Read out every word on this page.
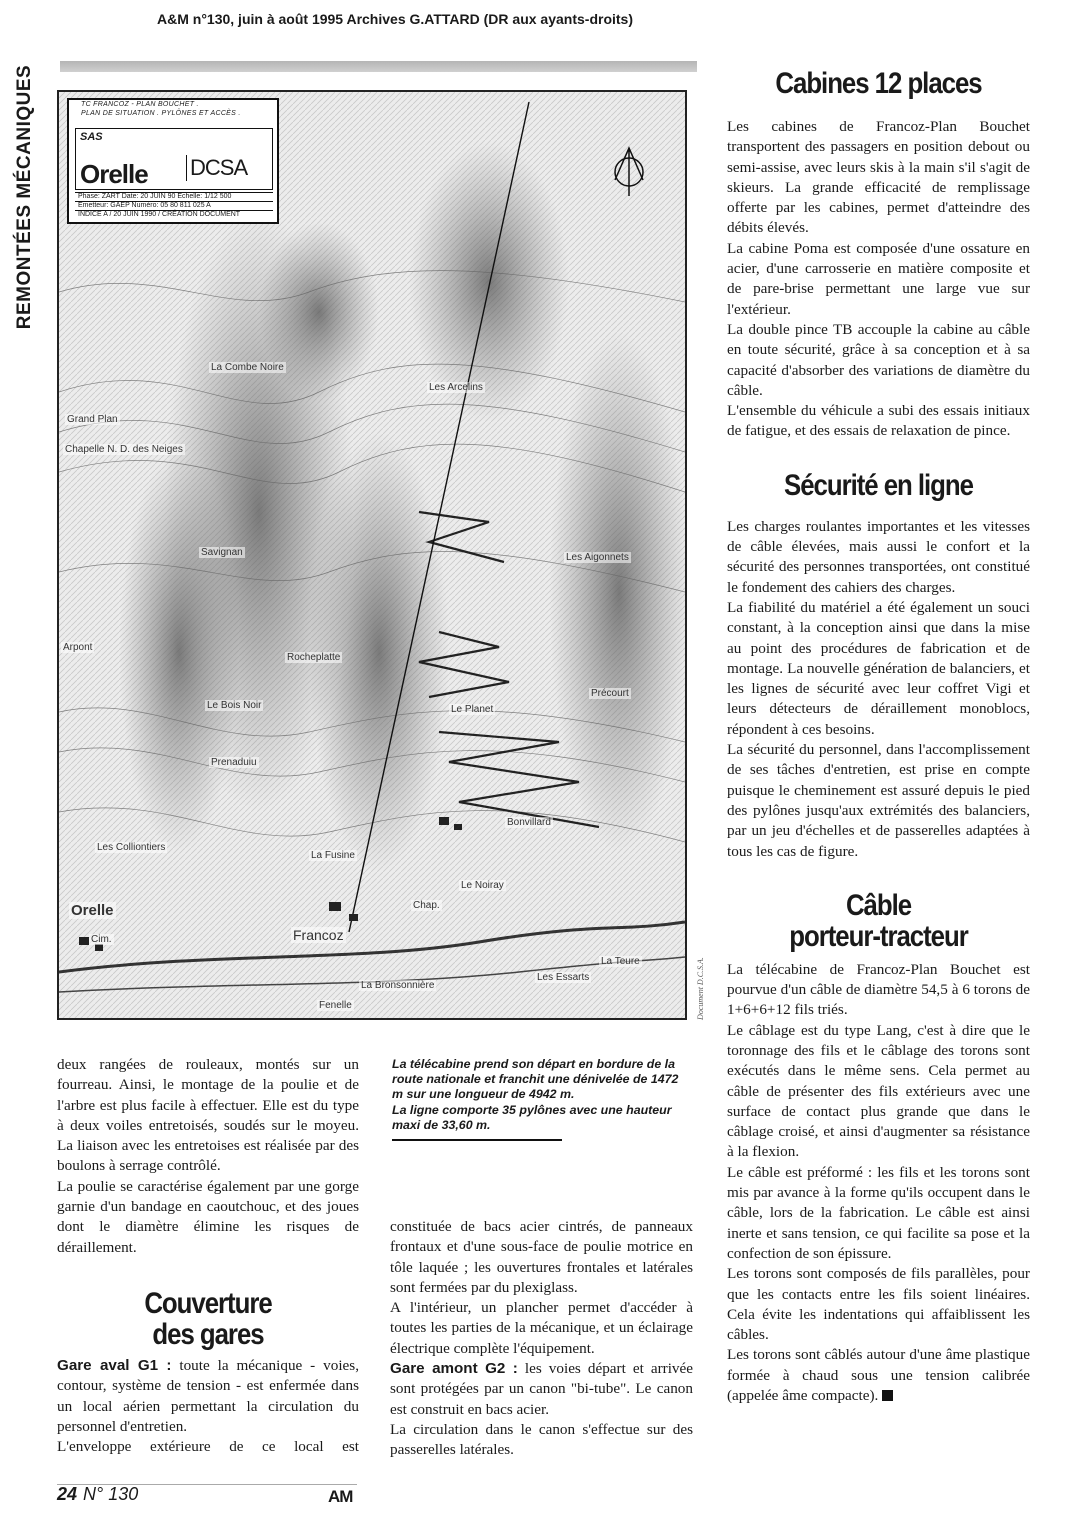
A&M n°130, juin à août 1995 Archives G.ATTARD (DR aux ayants-droits)
REMONTÉES MÉCANIQUES	TC FRANCOZ - PLAN BOUCHET .
PLAN DE SITUATION . PYLÔNES ET ACCÈS .
SAS
Orelle DCSA
Phase: ZART Date: 20 JUIN 90 Echelle: 1/12 500
Emetteur: GAEP Numéro: 05 80 811 025 A
INDICE A / 20 JUIN 1990 / CRÉATION DOCUMENT
La Combe Noire
Les Arcelins
Grand Plan
Chapelle N. D. des Neiges
Savignan	Les Aigonnets
Rocheplatte
Arpont
Le Bois Noir	Le Planet
Précourt
Bonvillard
Prenaduiu
Les Colliontiers
La Fusine
Le Noiray
Orelle
Francoz
Les Essarts
La Teure
Fenelle
La Bronsonnière
Chap.
Cim.
Document D.C.S.A.
Cabines 12 places

Les cabines de Francoz-Plan Bouchet transportent des passagers en position debout ou semi-assise, avec leurs skis à la main s'il s'agit de skieurs. La grande efficacité de remplissage offerte par les cabines, permet d'atteindre des débits élevés.

La cabine Poma est composée d'une ossature en acier, d'une carrosserie en matière composite et de pare-brise permettant une large vue sur l'extérieur.

La double pince TB accouple la cabine au câble en toute sécurité, grâce à sa conception et à sa capacité d'absorber des variations de diamètre du câble.

L'ensemble du véhicule a subi des essais initiaux de fatigue, et des essais de relaxation de pince.

Sécurité en ligne

Les charges roulantes importantes et les vitesses de câble élevées, mais aussi le confort et la sécurité des personnes transportées, ont constitué le fondement des cahiers des charges.

La fiabilité du matériel a été également un souci constant, à la conception ainsi que dans la mise au point des procédures de fabrication et de montage. La nouvelle génération de balanciers, et les lignes de sécurité avec leur coffret Vigi et leurs détecteurs de déraillement monoblocs, répondent à ces besoins.

La sécurité du personnel, dans l'accomplissement de ses tâches d'entretien, est prise en compte puisque le cheminement est assuré depuis le pied des pylônes jusqu'aux extrémités des balanciers, par un jeu d'échelles et de passerelles adaptées à tous les cas de figure.

Câble
porteur-tracteur

La télécabine de Francoz-Plan Bouchet est pourvue d'un câble de diamètre 54,5 à 6 torons de 1+6+6+12 fils triés.

Le câblage est du type Lang, c'est à dire que le toronnage des fils et le câblage des torons sont exécutés dans le même sens. Cela permet au câble de présenter des fils extérieurs avec une surface de contact plus grande que dans le câblage croisé, et ainsi d'augmenter sa résistance à la flexion.

Le câble est préformé : les fils et les torons sont mis par avance à la forme qu'ils occupent dans le câble, lors de la fabrication. Le câble est ainsi inerte et sans tension, ce qui facilite sa pose et la confection de son épissure.

Les torons sont composés de fils parallèles, pour que les contacts entre les fils soient linéaires. Cela évite les indentations qui affaiblissent les câbles.

Les torons sont câblés autour d'une âme plastique formée à chaud sous une tension calibrée (appelée âme compacte).

deux rangées de rouleaux, montés sur un fourreau. Ainsi, le montage de la poulie et de l'arbre est plus facile à effectuer. Elle est du type à deux voiles entretoisés, soudés sur le moyeu. La liaison avec les entretoises est réalisée par des boulons à serrage contrôlé.

La poulie se caractérise également par une gorge garnie d'un bandage en caoutchouc, et des joues dont le diamètre élimine les risques de déraillement.

Couverture
des gares

Gare aval G1 : toute la mécanique - voies, contour, système de tension - est enfermée dans un local aérien permettant la circulation du personnel d'entretien.

L'enveloppe extérieure de ce local est

La télécabine prend son départ en bordure de la route nationale et franchit une dénivelée de 1472 m sur une longueur de 4942 m.
La ligne comporte 35 pylônes avec une hauteur maxi de 33,60 m.

constituée de bacs acier cintrés, de panneaux frontaux et d'une sous-face de poulie motrice en tôle laquée ; les ouvertures frontales et latérales sont fermées par du plexiglass.

A l'intérieur, un plancher permet d'accéder à toutes les parties de la mécanique, et un éclairage électrique complète l'équipement.

Gare amont G2 : les voies départ et arrivée sont protégées par un canon "bi-tube". Le canon est construit en bacs acier.

La circulation dans le canon s'effectue sur des passerelles latérales.

24 N° 130	AM
